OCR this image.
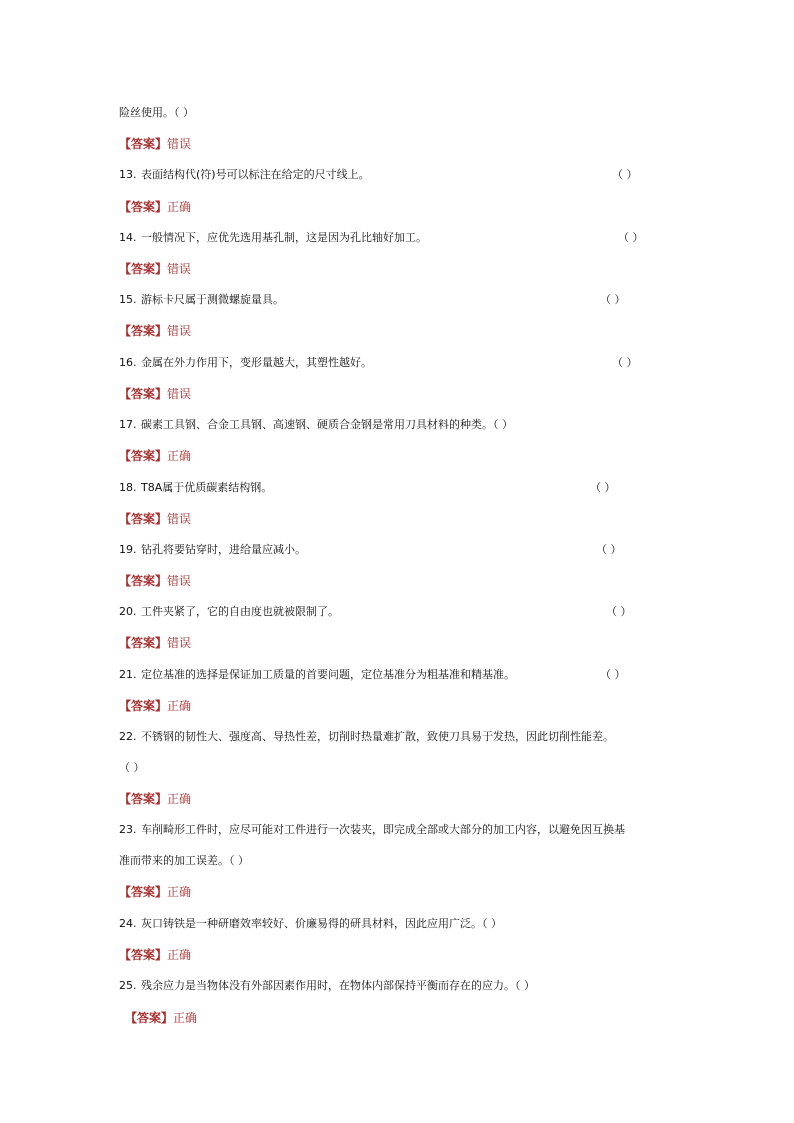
险丝使用。（ ）
【答案】错误
13. 表面结构代(符)号可以标注在给定的尺寸线上。	（ ）
【答案】正确
14. 一般情况下，应优先选用基孔制，这是因为孔比轴好加工。	（ ）
【答案】错误
15. 游标卡尺属于测微螺旋量具。	（ ）
【答案】错误
16. 金属在外力作用下，变形量越大，其塑性越好。	（ ）
【答案】错误
17. 碳素工具钢、合金工具钢、高速钢、硬质合金钢是常用刀具材料的种类。（ ）
【答案】正确
18. T8A属于优质碳素结构钢。	（ ）
【答案】错误
19. 钻孔将要钻穿时，进给量应减小。	（ ）
【答案】错误
20. 工件夹紧了，它的自由度也就被限制了。	（ ）
【答案】错误
21. 定位基准的选择是保证加工质量的首要问题，定位基准分为粗基准和精基准。	（ ）
【答案】正确
22. 不锈钢的韧性大、强度高、导热性差，切削时热量难扩散，致使刀具易于发热，因此切削性能差。
（ ）
【答案】正确
23. 车削畸形工件时，应尽可能对工件进行一次装夹，即完成全部或大部分的加工内容，以避免因互换基
准而带来的加工误差。（ ）
【答案】正确
24. 灰口铸铁是一种研磨效率较好、价廉易得的研具材料，因此应用广泛。（ ）
【答案】正确
25. 残余应力是当物体没有外部因素作用时，在物体内部保持平衡而存在的应力。（ ）
【答案】正确
